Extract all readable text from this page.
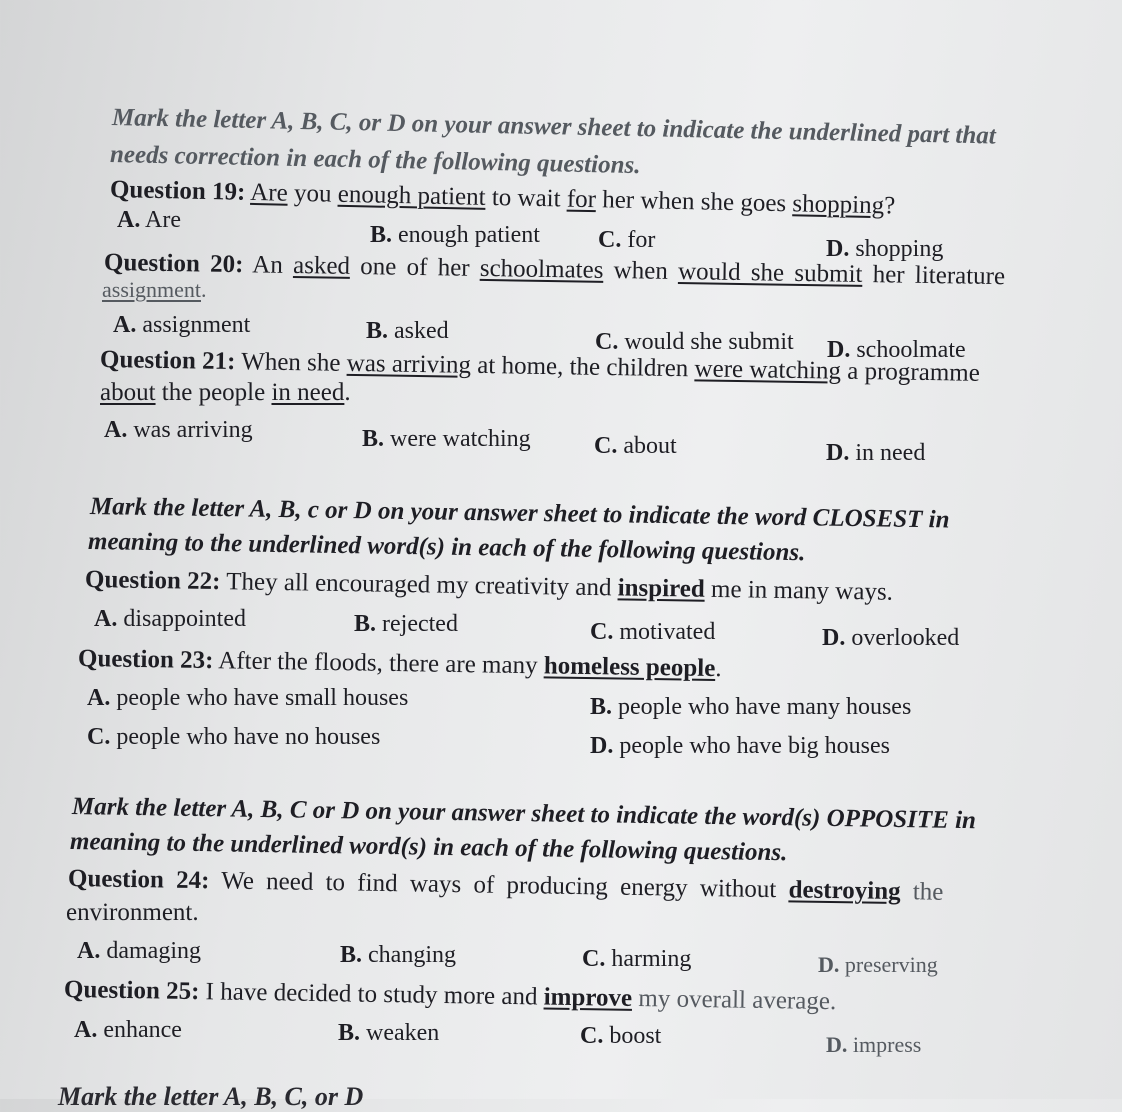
Mark the letter A, B, C, or D on your answer sheet to indicate the underlined part that
needs correction in each of the following questions.
Question 19: Are you enough patient to wait for her when she goes shopping?
A. Are
B. enough patient C. for	D. shopping
Question 20: An asked one of her schoolmates when would she submit her literature
assignment.
A. assignment	B. asked	C. would she submit D. schoolmate
Question 21: When she was arriving at home, the children were watching a programme
about the people in need.
A. was arriving	B. were watching	C. about	D. in need
Mark the letter A, B, c or D on your answer sheet to indicate the word CLOSEST in
meaning to the underlined word(s) in each of the following questions.
Question 22: They all encouraged my creativity and inspired me in many ways.
A. disappointed	B. rejected	C. motivated	D. overlooked
Question 23: After the floods, there are many homeless people.
A. people who have small houses	B. people who have many houses
C. people who have no houses	D. people who have big houses
Mark the letter A, B, C or D on your answer sheet to indicate the word(s) OPPOSITE in
meaning to the underlined word(s) in each of the following questions.
Question 24: We need to find ways of producing energy without destroying the
environment.
A. damaging	B. changing	C. harming	D. preserving
Question 25: I have decided to study more and improve my overall average.
A. enhance	B. weaken	C. boost	D. impress
Mark the letter A, B, C, or D
